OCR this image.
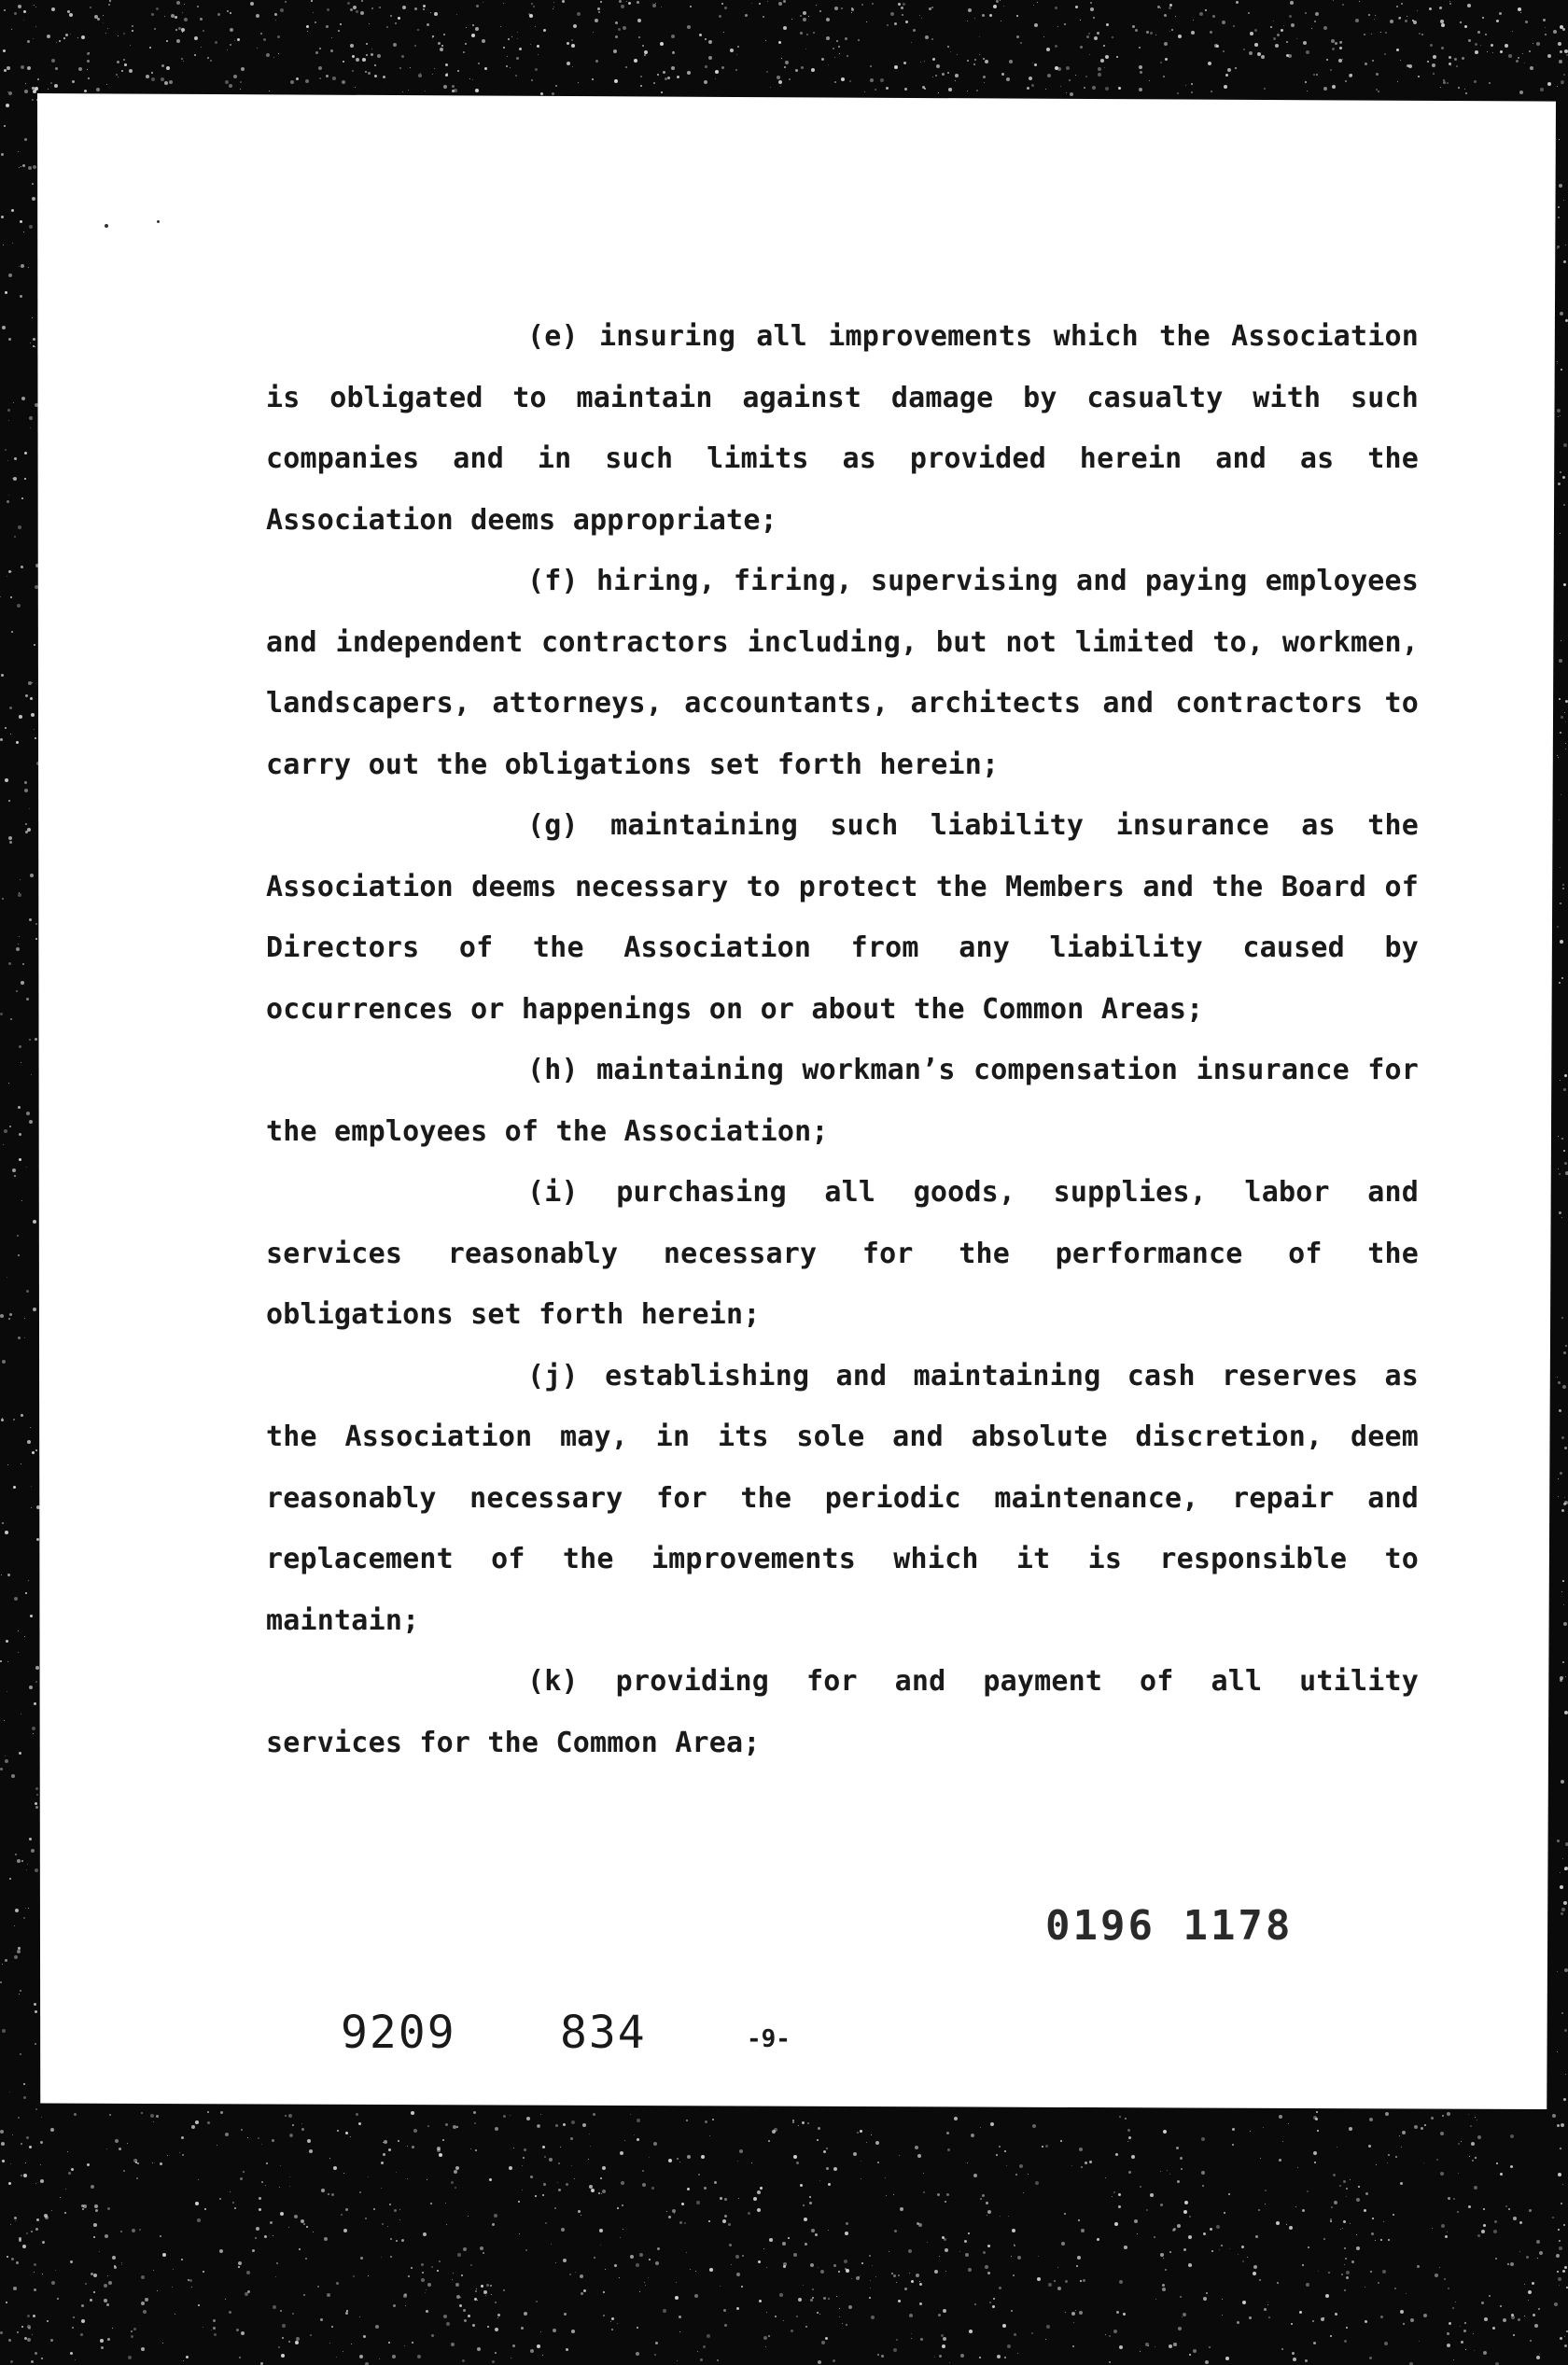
(e) insuring all improvements which the Association is obligated to maintain against damage by casualty with such companies and in such limits as provided herein and as the Association deems appropriate;

(f) hiring, firing, supervising and paying employees and independent contractors including, but not limited to, workmen, landscapers, attorneys, accountants, architects and contractors to carry out the obligations set forth herein;

(g) maintaining such liability insurance as the Association deems necessary to protect the Members and the Board of Directors of the Association from any liability caused by occurrences or happenings on or about the Common Areas;

(h) maintaining workman’s compensation insurance for the employees of the Association;

(i) purchasing all goods, supplies, labor and services reasonably necessary for the performance of the obligations set forth herein;

(j) establishing and maintaining cash reserves as the Association may, in its sole and absolute discretion, deem reasonably necessary for the periodic maintenance, repair and replacement of the improvements which it is responsible to maintain;

(k) providing for and payment of all utility services for the Common Area;

0196 1178
9209 834	-9-
